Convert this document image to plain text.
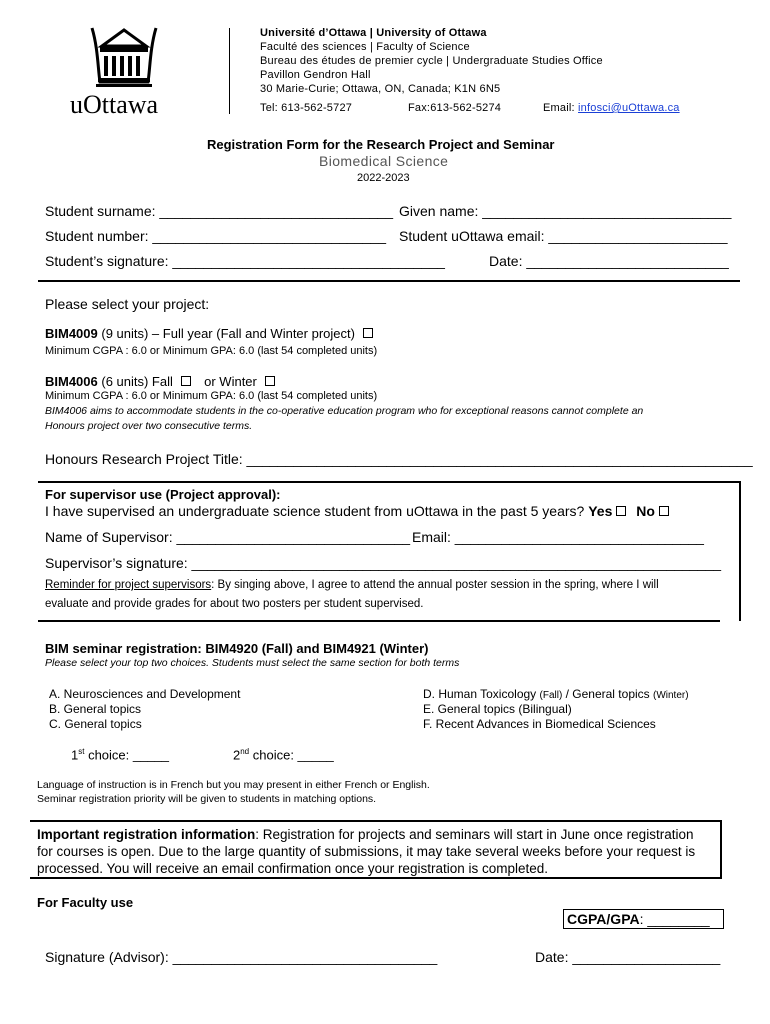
uOttawa
Université d’Ottawa | University of Ottawa
Faculté des sciences | Faculty of Science
Bureau des études de premier cycle | Undergraduate Studies Office
Pavillon Gendron Hall
30 Marie-Curie; Ottawa, ON, Canada; K1N 6N5
Tel: 613-562-5727	Fax:613-562-5274	Email: infosci@uOttawa.ca
Registration Form for the Research Project and Seminar
Biomedical Science
2022-2023
Student surname: ______________________________ Given name: ________________________________
Student number: ______________________________ Student uOttawa email: _______________________
Student’s signature: ___________________________________	Date: __________________________
Please select your project:
BIM4009 (9 units) – Full year (Fall and Winter project)
Minimum CGPA : 6.0 or Minimum GPA: 6.0 (last 54 completed units)
BIM4006 (6 units) Fall or Winter
Minimum CGPA : 6.0 or Minimum GPA: 6.0 (last 54 completed units)
BIM4006 aims to accommodate students in the co-operative education program who for exceptional reasons cannot complete an
Honours project over two consecutive terms.
Honours Research Project Title: _________________________________________________________________
For supervisor use (Project approval):
I have supervised an undergraduate science student from uOttawa in the past 5 years? Yes No
Name of Supervisor: ______________________________ Email: ________________________________
Supervisor’s signature: ____________________________________________________________________
Reminder for project supervisors: By singing above, I agree to attend the annual poster session in the spring, where I will
evaluate and provide grades for about two posters per student supervised.
BIM seminar registration: BIM4920 (Fall) and BIM4921 (Winter)
Please select your top two choices. Students must select the same section for both terms
A. Neurosciences and Development
B. General topics
C. General topics
D. Human Toxicology (Fall) / General topics (Winter)
E. General topics (Bilingual)
F. Recent Advances in Biomedical Sciences
1st choice: _____	2nd choice: _____
Language of instruction is in French but you may present in either French or English.
Seminar registration priority will be given to students in matching options.
Important registration information: Registration for projects and seminars will start in June once registration
for courses is open. Due to the large quantity of submissions, it may take several weeks before your request is
processed. You will receive an email confirmation once your registration is completed.
For Faculty use
CGPA/GPA: ________
Signature (Advisor): __________________________________	Date: ___________________
